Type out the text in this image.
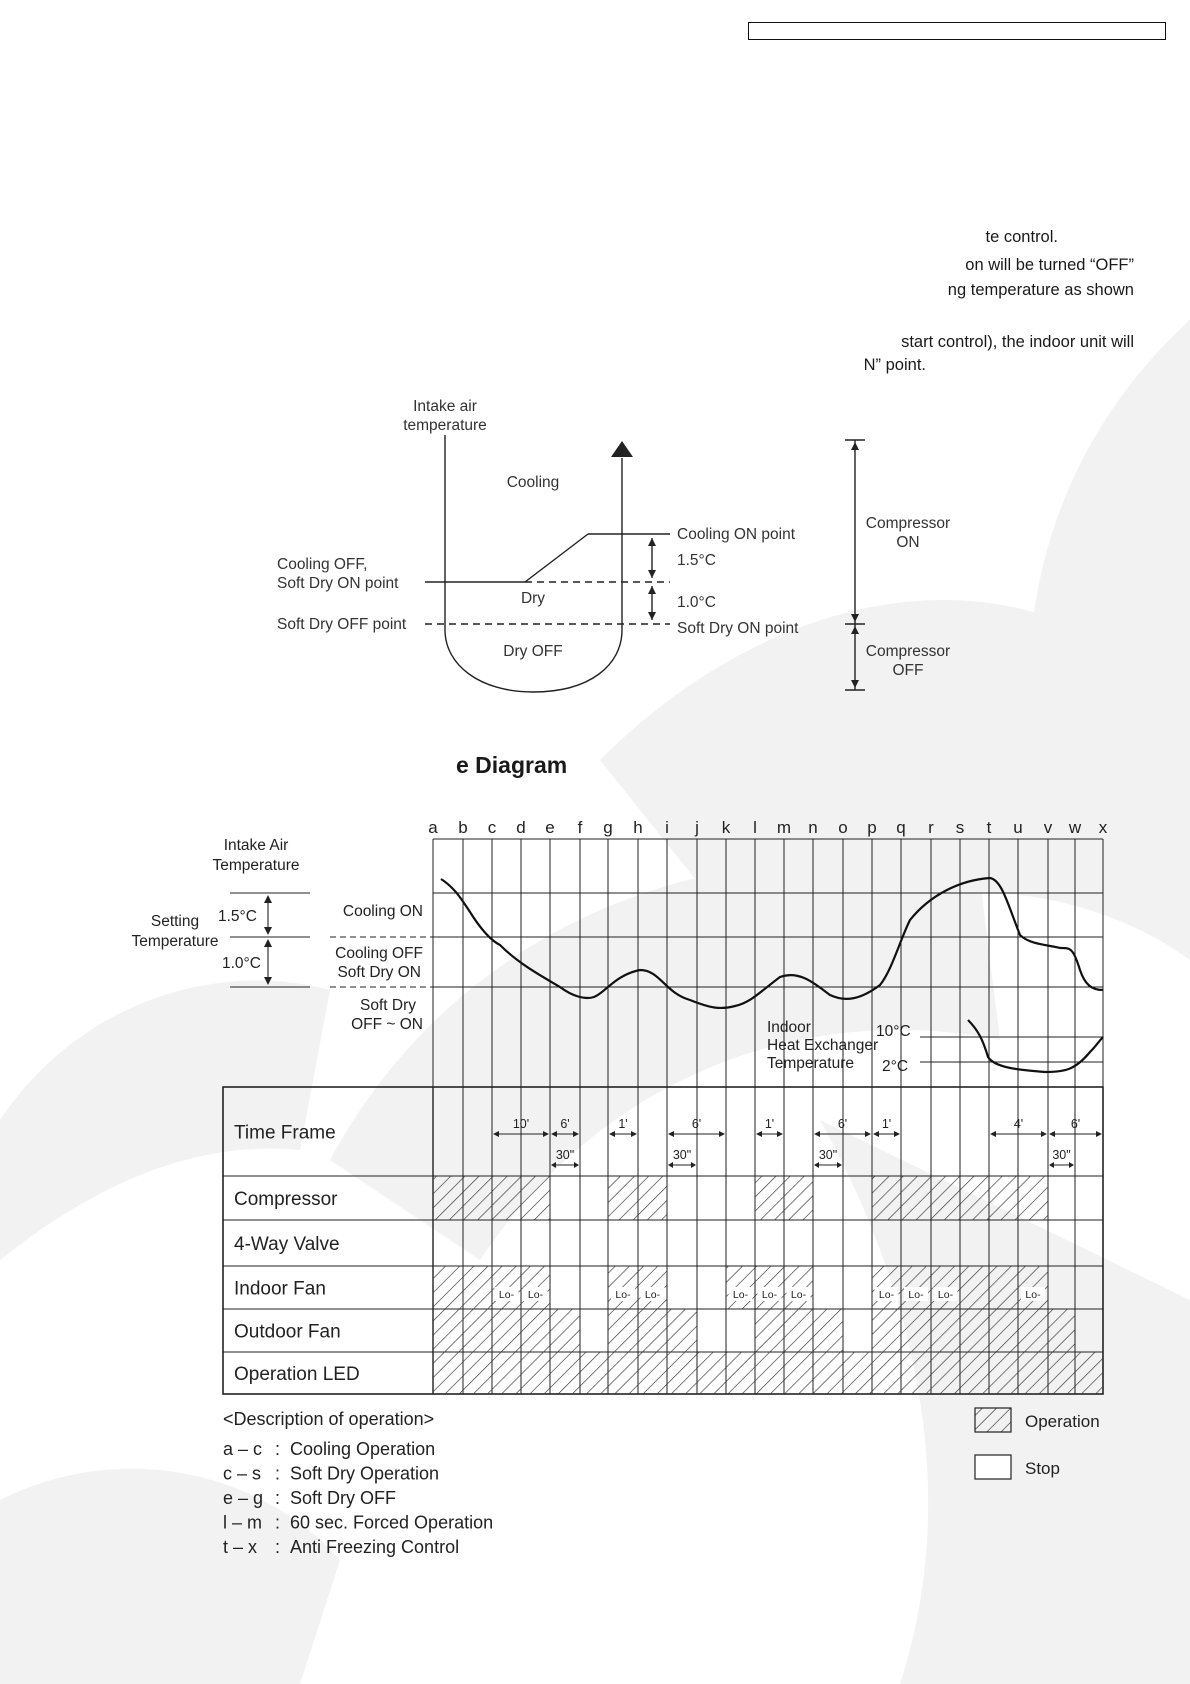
te control.
on will be turned “OFF”
ng temperature as shown
start control), the indoor unit will
N” point.
Intake air
temperature
Cooling
Dry
Dry OFF
Cooling ON point
Cooling OFF,
Soft Dry ON point
Soft Dry OFF point	Soft Dry ON point
1.5°C
1.0°C
Compressor
ON
Compressor
OFF
e Diagram
a b c d e f g h i j k l m n o p q r s t u v w x
Intake Air
Temperature
Setting
Temperature
1.5°C
1.0°C
Cooling ON
Cooling OFF
Soft Dry ON
Soft Dry
OFF ~ ON	Indoor
Heat Exchanger
Temperature
10°C
2°C
Time Frame
Compressor
4-Way Valve
Indoor Fan
Outdoor Fan
Operation LED
10' 6'	1'	6'	1'	6'	1'	4'	6'
30"	30"	30"	30"
Lo- Lo-	Lo- Lo-	Lo- Lo- Lo-	Lo- Lo- Lo-	Lo-
Operation
Stop
<Description of operation>
a – c : Cooling Operation
c – s : Soft Dry Operation
e – g : Soft Dry OFF
l – m : 60 sec. Forced Operation
t – x : Anti Freezing Control
